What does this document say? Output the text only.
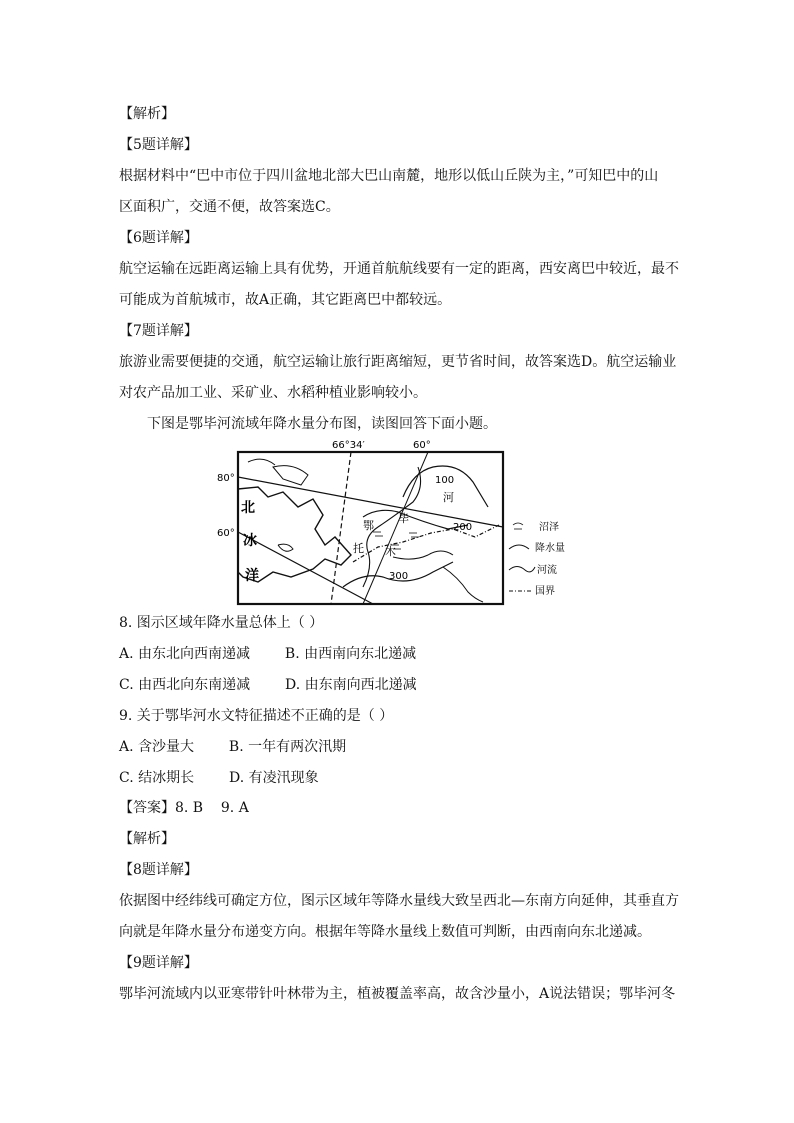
【解析】
【5题详解】
根据材料中“巴中市位于四川盆地北部大巴山南麓，地形以低山丘陕为主，”可知巴中的山
区面积广，交通不便，故答案选C。
【6题详解】
航空运输在远距离运输上具有优势，开通首航航线要有一定的距离，西安离巴中较近，最不
可能成为首航城市，故A正确，其它距离巴中都较远。
【7题详解】
旅游业需要便捷的交通，航空运输让旅行距离缩短，更节省时间，故答案选D。航空运输业
对农产品加工业、采矿业、水稻种植业影响较小。
下图是鄂毕河流域年降水量分布图，读图回答下面小题。
66°34′	60°
80°
60°
100
200
300
鄂
毕
托 木
河
北
冰
洋
沼泽
降水量
河流
国界
8. 图示区域年降水量总体上（ ）
A. 由东北向西南递减 B. 由西南向东北递减
C. 由西北向东南递减 D. 由东南向西北递减
9. 关于鄂毕河水文特征描述不正确的是（ ）
A. 含沙量大 B. 一年有两次汛期
C. 结冰期长 D. 有凌汛现象
【答案】8. B    9. A
【解析】
【8题详解】
依据图中经纬线可确定方位，图示区域年等降水量线大致呈西北—东南方向延伸，其垂直方
向就是年降水量分布递变方向。根据年等降水量线上数值可判断，由西南向东北递减。
【9题详解】
鄂毕河流域内以亚寒带针叶林带为主，植被覆盖率高，故含沙量小，A说法错误；鄂毕河冬
